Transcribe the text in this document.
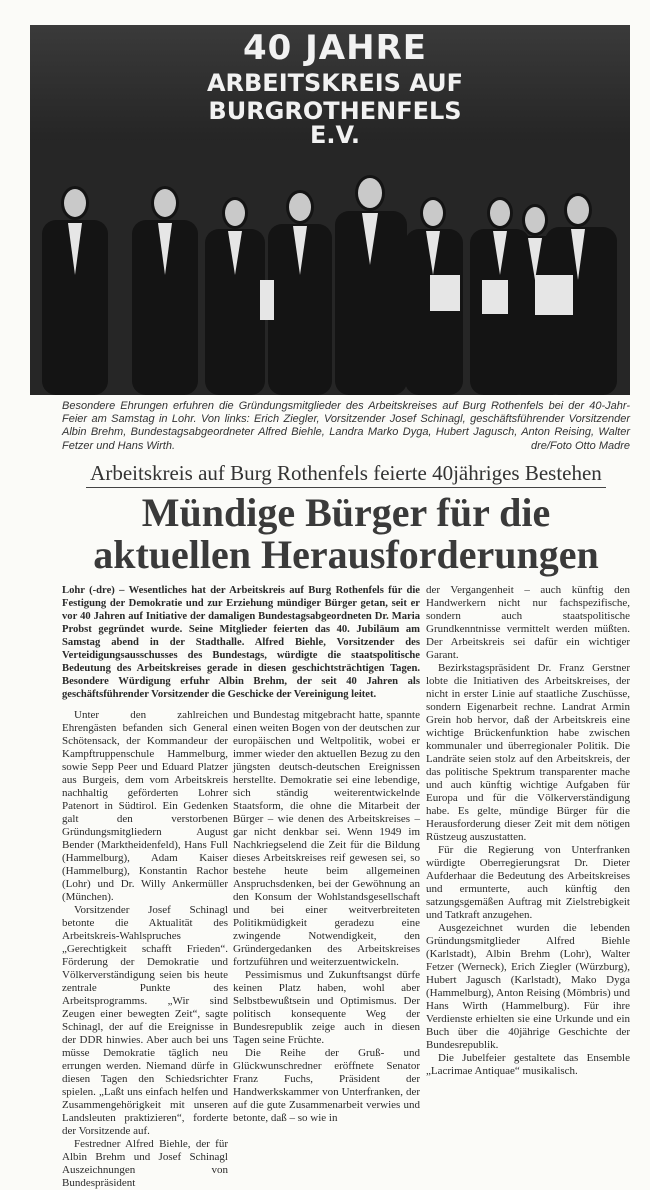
40 JAHRE
ARBEITSKREIS AUF
BURGROTHENFELS E.V.
Besondere Ehrungen erfuhren die Gründungsmitglieder des Arbeitskreises auf Burg Rothenfels bei der 40-Jahr-Feier am Samstag in Lohr. Von links: Erich Ziegler, Vorsitzender Josef Schinagl, geschäftsführender Vorsitzender Albin Brehm, Bundestagsabgeordneter Alfred Biehle, Landra Marko Dyga, Hubert Jagusch, Anton Reising, Walter Fetzer und Hans Wirth.	dre/Foto Otto Madre
Arbeitskreis auf Burg Rothenfels feierte 40jähriges Bestehen
Mündige Bürger für die aktuellen Herausforderungen
Lohr (-dre) – Wesentliches hat der Arbeitskreis auf Burg Rothenfels für die Festigung der Demokratie und zur Erziehung mündiger Bürger getan, seit er vor 40 Jahren auf Initiative der damaligen Bundestagsabgeordneten Dr. Maria Probst gegründet wurde. Seine Mitglieder feierten das 40. Jubiläum am Samstag abend in der Stadthalle. Alfred Biehle, Vorsitzender des Verteidigungsausschusses des Bundestags, würdigte die staatspolitische Bedeutung des Arbeitskreises gerade in diesen geschichtsträchtigen Tagen. Besondere Würdigung erfuhr Albin Brehm, der seit 40 Jahren als geschäftsführender Vorsitzender die Geschicke der Vereinigung leitet.

Unter den zahlreichen Ehrengästen befanden sich General Schötensack, der Kommandeur der Kampftruppenschule Hammelburg, sowie Sepp Peer und Eduard Platzer aus Burgeis, dem vom Arbeitskreis nachhaltig geförderten Lohrer Patenort in Südtirol. Ein Gedenken galt den verstorbenen Gründungsmitgliedern August Bender (Marktheidenfeld), Hans Full (Hammelburg), Adam Kaiser (Hammelburg), Konstantin Rachor (Lohr) und Dr. Willy Ankermüller (München).

Vorsitzender Josef Schinagl betonte die Aktualität des Arbeitskreis-Wahlspruches „Gerechtigkeit schafft Frieden“. Förderung der Demokratie und Völkerverständigung seien bis heute zentrale Punkte des Arbeitsprogramms. „Wir sind Zeugen einer bewegten Zeit“, sagte Schinagl, der auf die Ereignisse in der DDR hinwies. Aber auch bei uns müsse Demokratie täglich neu errungen werden. Niemand dürfe in diesen Tagen den Schiedsrichter spielen. „Laßt uns einfach helfen und Zusammengehörigkeit mit unseren Landsleuten praktizieren“, forderte der Vorsitzende auf.

Festredner Alfred Biehle, der für Albin Brehm und Josef Schinagl Auszeichnungen von Bundespräsident

und Bundestag mitgebracht hatte, spannte einen weiten Bogen von der deutschen zur europäischen und Weltpolitik, wobei er immer wieder den aktuellen Bezug zu den jüngsten deutsch-deutschen Ereignissen herstellte. Demokratie sei eine lebendige, sich ständig weiterentwickelnde Staatsform, die ohne die Mitarbeit der Bürger – wie denen des Arbeitskreises – gar nicht denkbar sei. Wenn 1949 im Nachkriegselend die Zeit für die Bildung dieses Arbeitskreises reif gewesen sei, so bestehe heute beim allgemeinen Anspruchsdenken, bei der Gewöhnung an den Konsum der Wohlstandsgesellschaft und bei einer weitverbreiteten Politikmüdigkeit geradezu eine zwingende Notwendigkeit, den Gründergedanken des Arbeitskreises fortzuführen und weiterzuentwickeln.

Pessimismus und Zukunftsangst dürfe keinen Platz haben, wohl aber Selbstbewußtsein und Optimismus. Der politisch konsequente Weg der Bundesrepublik zeige auch in diesen Tagen seine Früchte.

Die Reihe der Gruß- und Glückwunschredner eröffnete Senator Franz Fuchs, Präsident der Handwerkskammer von Unterfranken, der auf die gute Zusammenarbeit verwies und betonte, daß – so wie in

der Vergangenheit – auch künftig den Handwerkern nicht nur fachspezifische, sondern auch staatspolitische Grundkenntnisse vermittelt werden müßten. Der Arbeitskreis sei dafür ein wichtiger Garant.

Bezirkstagspräsident Dr. Franz Gerstner lobte die Initiativen des Arbeitskreises, der nicht in erster Linie auf staatliche Zuschüsse, sondern Eigenarbeit rechne. Landrat Armin Grein hob hervor, daß der Arbeitskreis eine wichtige Brückenfunktion habe zwischen kommunaler und überregionaler Politik. Die Landräte seien stolz auf den Arbeitskreis, der das politische Spektrum transparenter mache und auch künftig wichtige Aufgaben für Europa und für die Völkerverständigung habe. Es gelte, mündige Bürger für die Herausforderung dieser Zeit mit dem nötigen Rüstzeug auszustatten.

Für die Regierung von Unterfranken würdigte Oberregierungsrat Dr. Dieter Aufderhaar die Bedeutung des Arbeitskreises und ermunterte, auch künftig den satzungsgemäßen Auftrag mit Zielstrebigkeit und Tatkraft anzugehen.

Ausgezeichnet wurden die lebenden Gründungsmitglieder Alfred Biehle (Karlstadt), Albin Brehm (Lohr), Walter Fetzer (Werneck), Erich Ziegler (Würzburg), Hubert Jagusch (Karlstadt), Mako Dyga (Hammelburg), Anton Reising (Mömbris) und Hans Wirth (Hammelburg). Für ihre Verdienste erhielten sie eine Urkunde und ein Buch über die 40jährige Geschichte der Bundesrepublik.

Die Jubelfeier gestaltete das Ensemble „Lacrimae Antiquae“ musikalisch.
